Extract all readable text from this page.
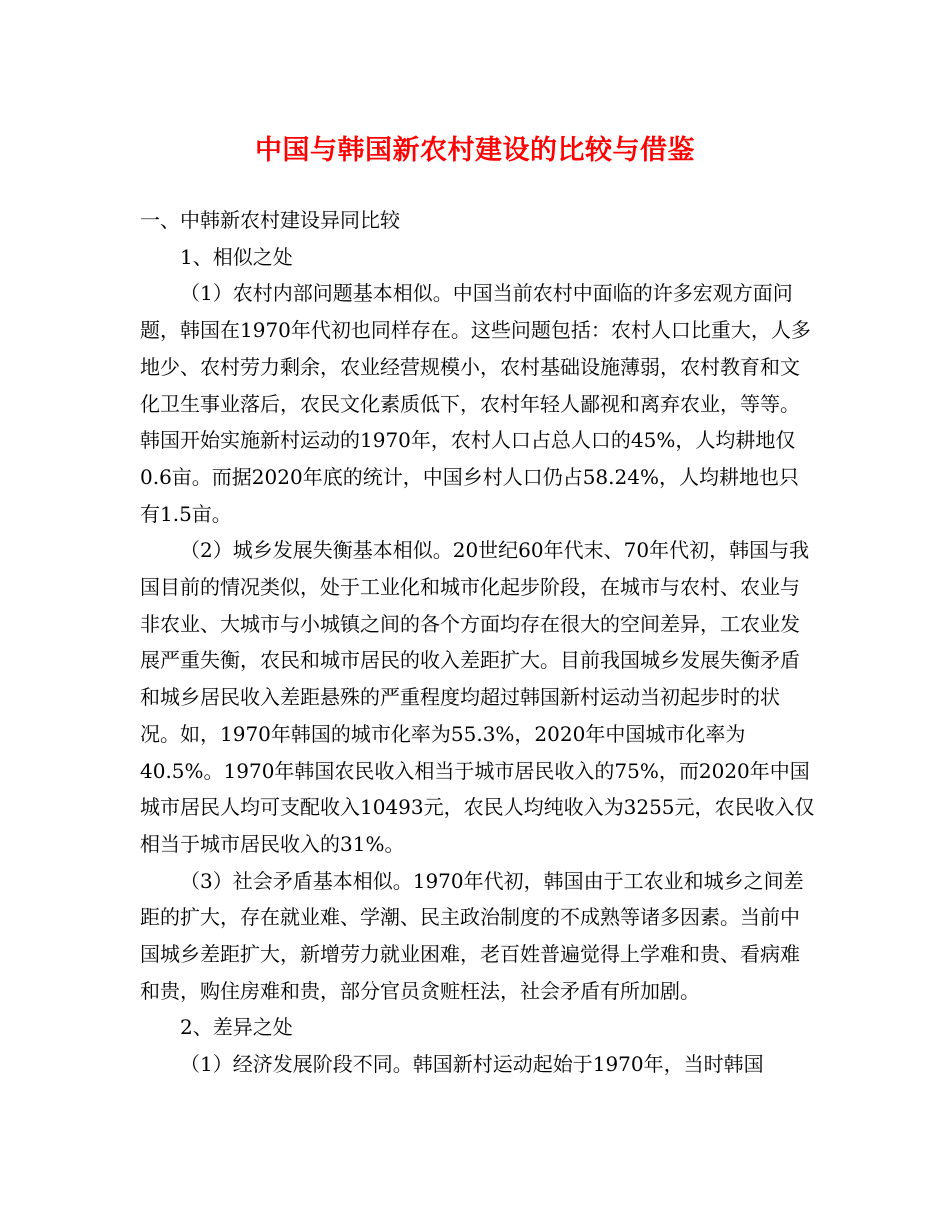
中国与韩国新农村建设的比较与借鉴

一、中韩新农村建设异同比较

1、相似之处

（1）农村内部问题基本相似。中国当前农村中面临的许多宏观方面问题，韩国在1970年代初也同样存在。这些问题包括：农村人口比重大，人多地少、农村劳力剩余，农业经营规模小，农村基础设施薄弱，农村教育和文化卫生事业落后，农民文化素质低下，农村年轻人鄙视和离弃农业，等等。韩国开始实施新村运动的1970年，农村人口占总人口的45%，人均耕地仅0.6亩。而据2020年底的统计，中国乡村人口仍占58.24%，人均耕地也只有1.5亩。

（2）城乡发展失衡基本相似。20世纪60年代末、70年代初，韩国与我国目前的情况类似，处于工业化和城市化起步阶段，在城市与农村、农业与非农业、大城市与小城镇之间的各个方面均存在很大的空间差异，工农业发展严重失衡，农民和城市居民的收入差距扩大。目前我国城乡发展失衡矛盾和城乡居民收入差距悬殊的严重程度均超过韩国新村运动当初起步时的状况。如，1970年韩国的城市化率为55.3%，2020年中国城市化率为40.5%。1970年韩国农民收入相当于城市居民收入的75%，而2020年中国城市居民人均可支配收入10493元，农民人均纯收入为3255元，农民收入仅相当于城市居民收入的31%。

（3）社会矛盾基本相似。1970年代初，韩国由于工农业和城乡之间差距的扩大，存在就业难、学潮、民主政治制度的不成熟等诸多因素。当前中国城乡差距扩大，新增劳力就业困难，老百姓普遍觉得上学难和贵、看病难和贵，购住房难和贵，部分官员贪赃枉法，社会矛盾有所加剧。

2、差异之处

（1）经济发展阶段不同。韩国新村运动起始于1970年，当时韩国
